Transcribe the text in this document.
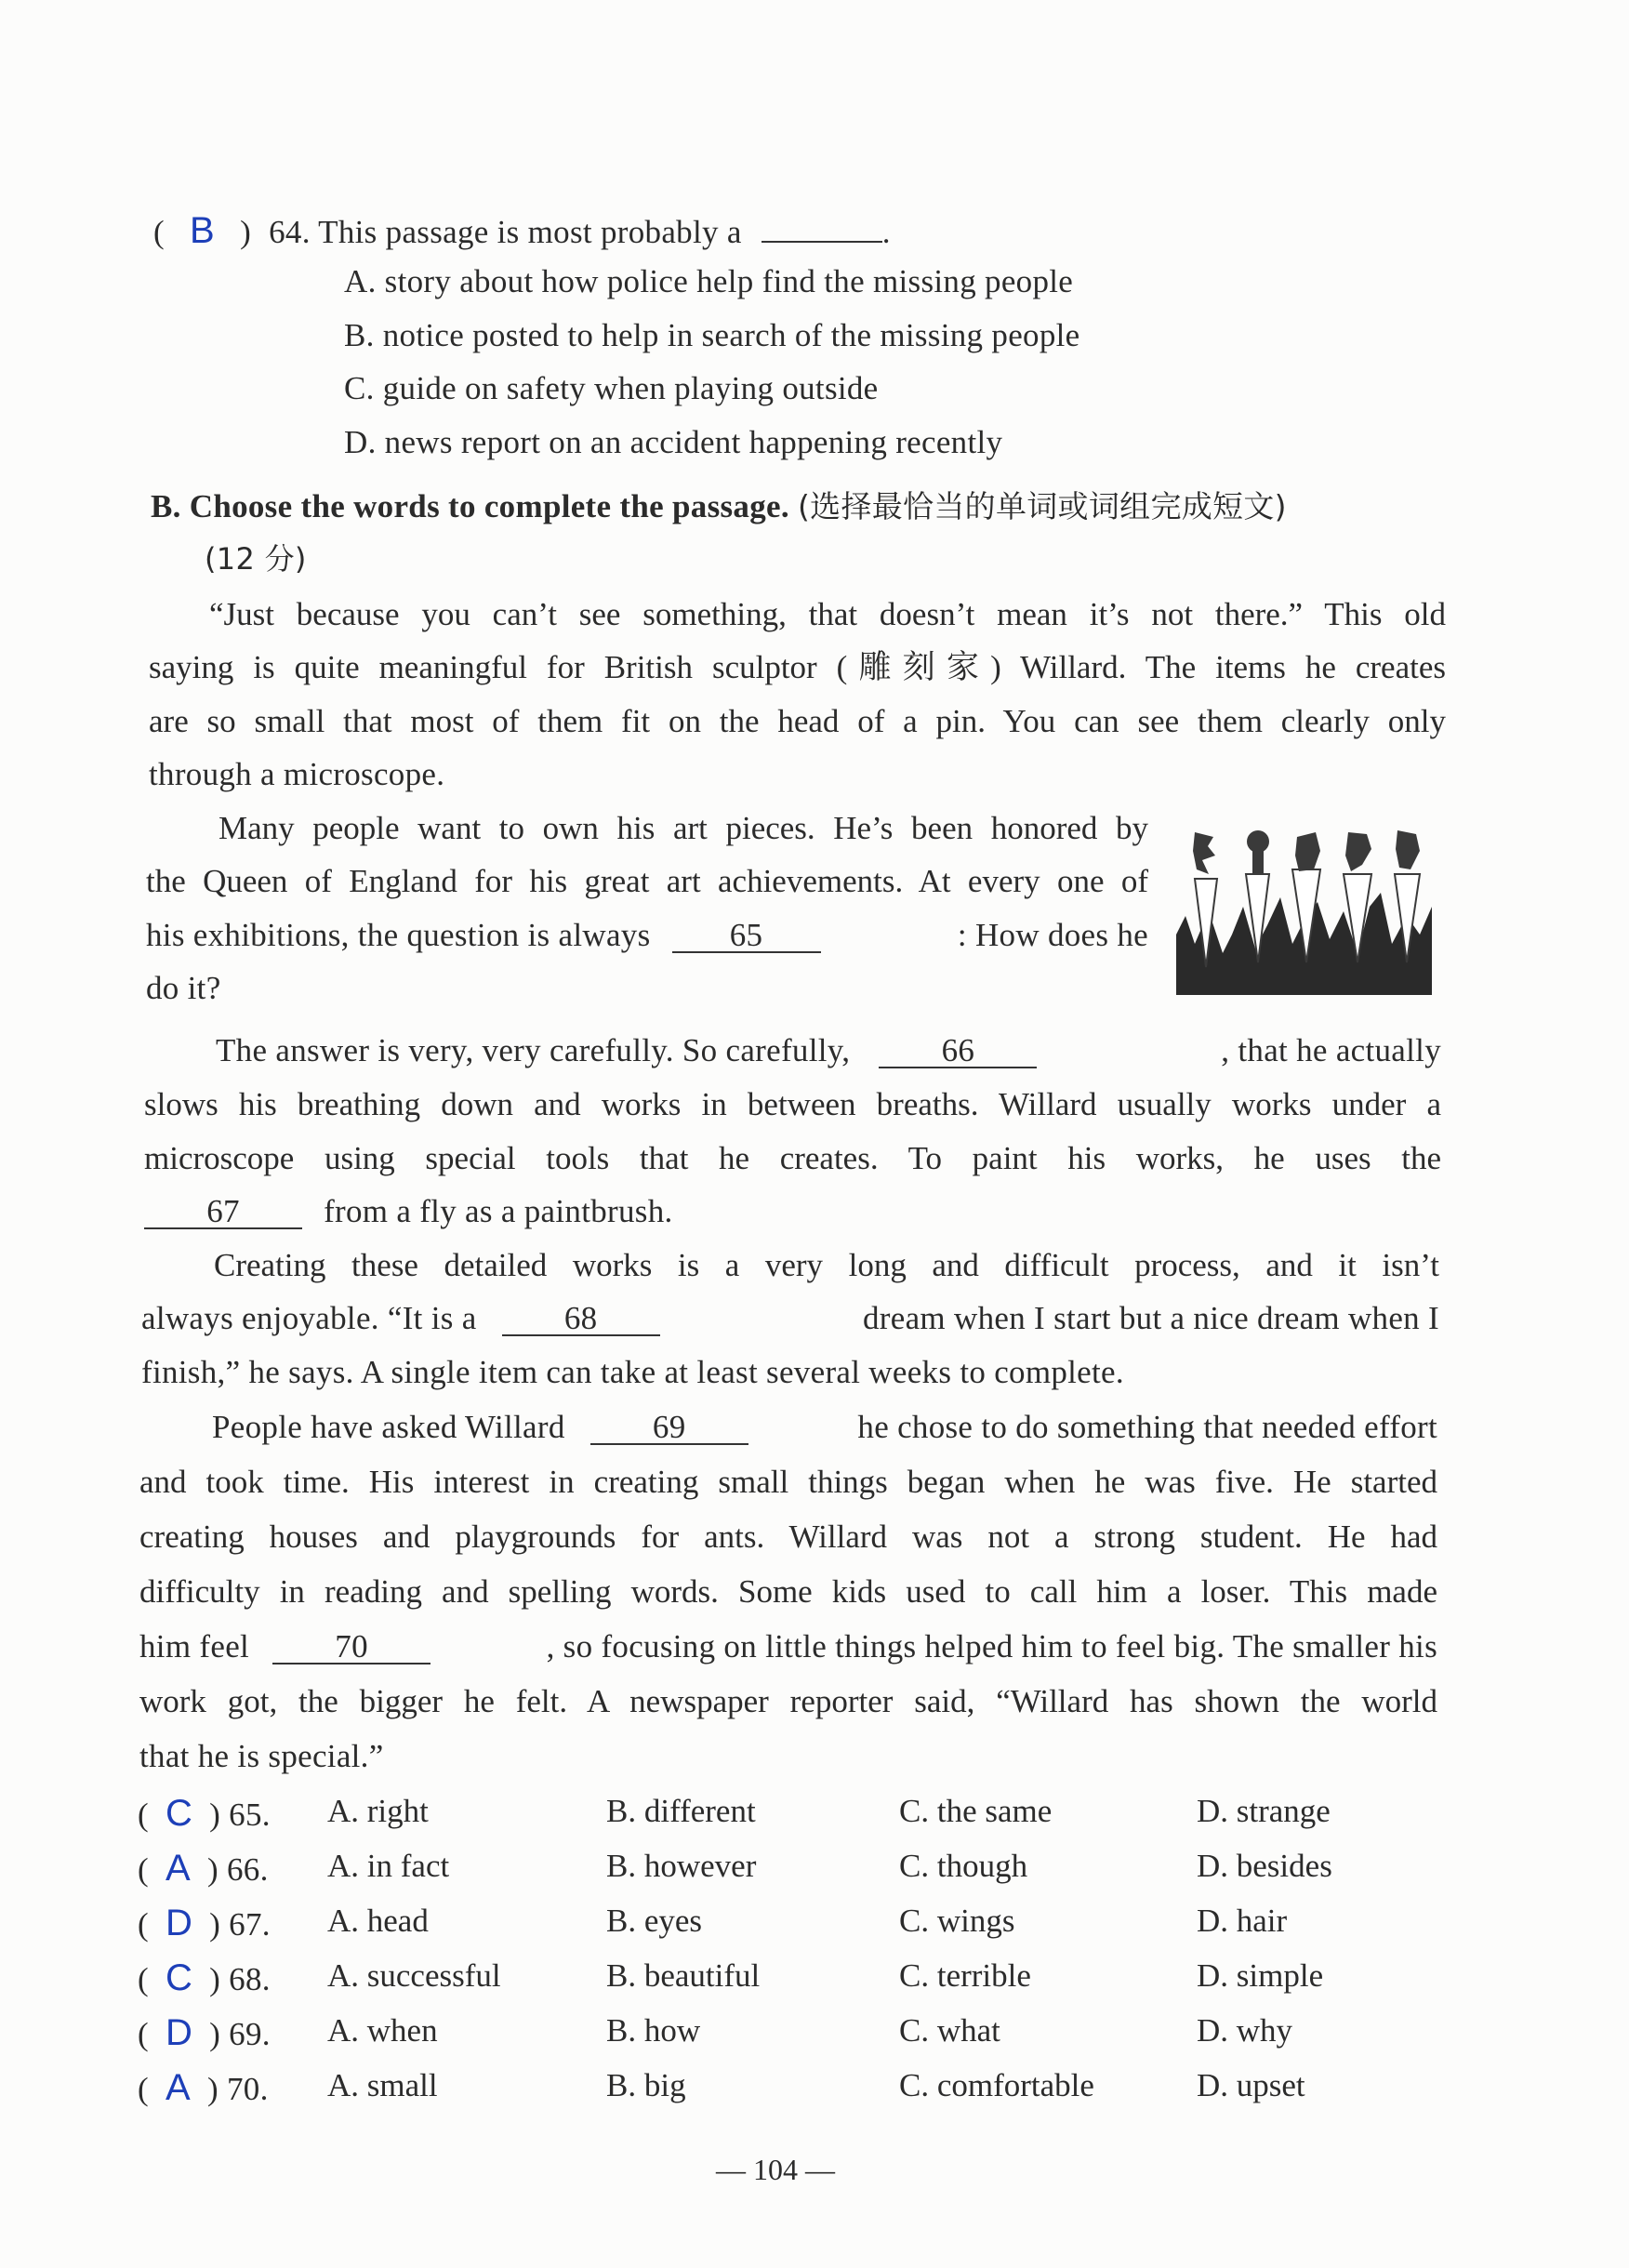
( B ) 64. This passage is most probably a	.
A. story about how police help find the missing people
B. notice posted to help in search of the missing people
C. guide on safety when playing outside
D. news report on an accident happening recently
B. Choose the words to complete the passage. (选择最恰当的单词或词组完成短文)
(12 分)
“Just because you can’t see something, that doesn’t mean it’s not there.” This old
saying is quite meaningful for British sculptor (雕刻家) Willard. The items he creates
are so small that most of them fit on the head of a pin. You can see them clearly only
through a microscope.
Many people want to own his art pieces. He’s been honored by
the Queen of England for his great art achievements. At every one of
his exhibitions, the question is always 65	: How does he
do it?
The answer is very, very carefully. So carefully,	66	, that he actually
slows his breathing down and works in between breaths. Willard usually works under a
microscope using special tools that he creates. To paint his works, he uses the
67	from a fly as a paintbrush.
Creating these detailed works is a very long and difficult process, and it isn’t
always enjoyable. “It is a	68	dream when I start but a nice dream when I
finish,” he says. A single item can take at least several weeks to complete.
People have asked Willard	69	he chose to do something that needed effort
and took time. His interest in creating small things began when he was five. He started
creating houses and playgrounds for ants. Willard was not a strong student. He had
difficulty in reading and spelling words. Some kids used to call him a loser. This made
him feel	70	, so focusing on little things helped him to feel big. The smaller his
work got, the bigger he felt. A newspaper reporter said, “Willard has shown the world
that he is special.”
( C ) 65. A. right	B. different	C. the same	D. strange
( A ) 66. A. in fact	B. however	C. though	D. besides
( D ) 67. A. head	B. eyes	C. wings	D. hair
( C ) 68. A. successful	B. beautiful	C. terrible	D. simple
( D ) 69. A. when	B. how	C. what	D. why
( A ) 70. A. small	B. big	C. comfortable	D. upset
— 104 —
